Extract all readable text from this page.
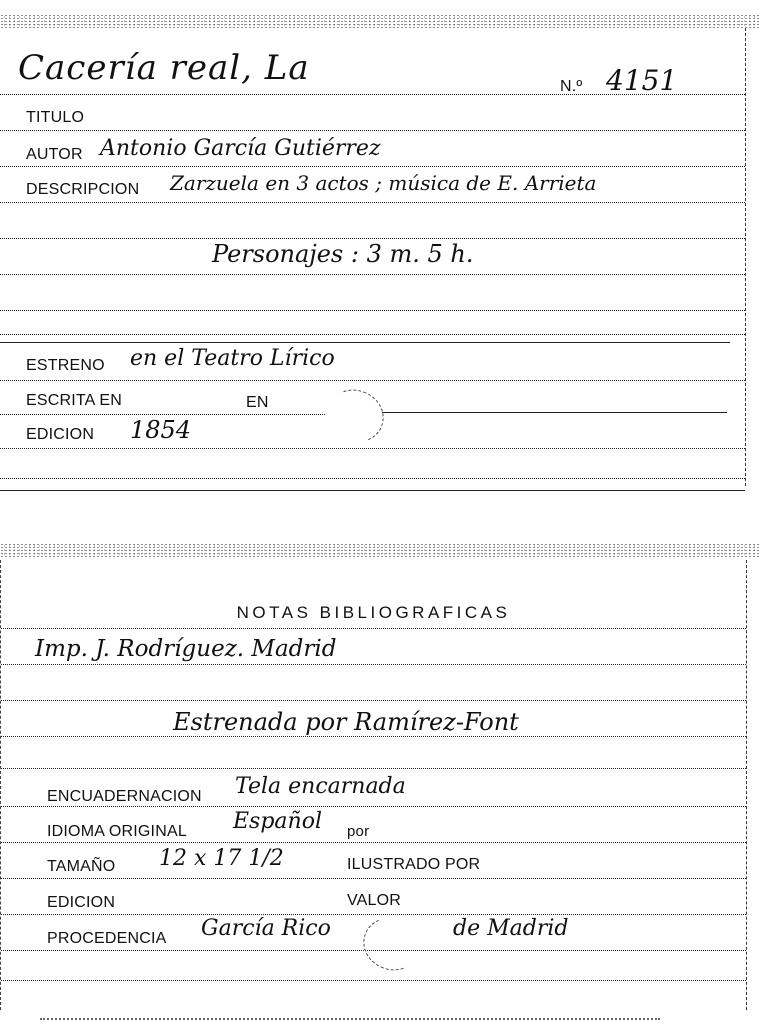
Cacería real, La	N.º 4151
TITULO
AUTOR Antonio García Gutiérrez
DESCRIPCION Zarzuela en 3 actos ; música de E. Arrieta
Personajes : 3 m. 5 h.
ESTRENO en el Teatro Lírico
ESCRITA EN	EN
EDICION 1854
NOTAS BIBLIOGRAFICAS
Imp. J. Rodríguez. Madrid
Estrenada por Ramírez-Font
ENCUADERNACION Tela encarnada
IDIOMA ORIGINAL Español por
TAMAÑO 12 x 17 1/2	ILUSTRADO POR
EDICION	VALOR
PROCEDENCIA García Rico	de Madrid
